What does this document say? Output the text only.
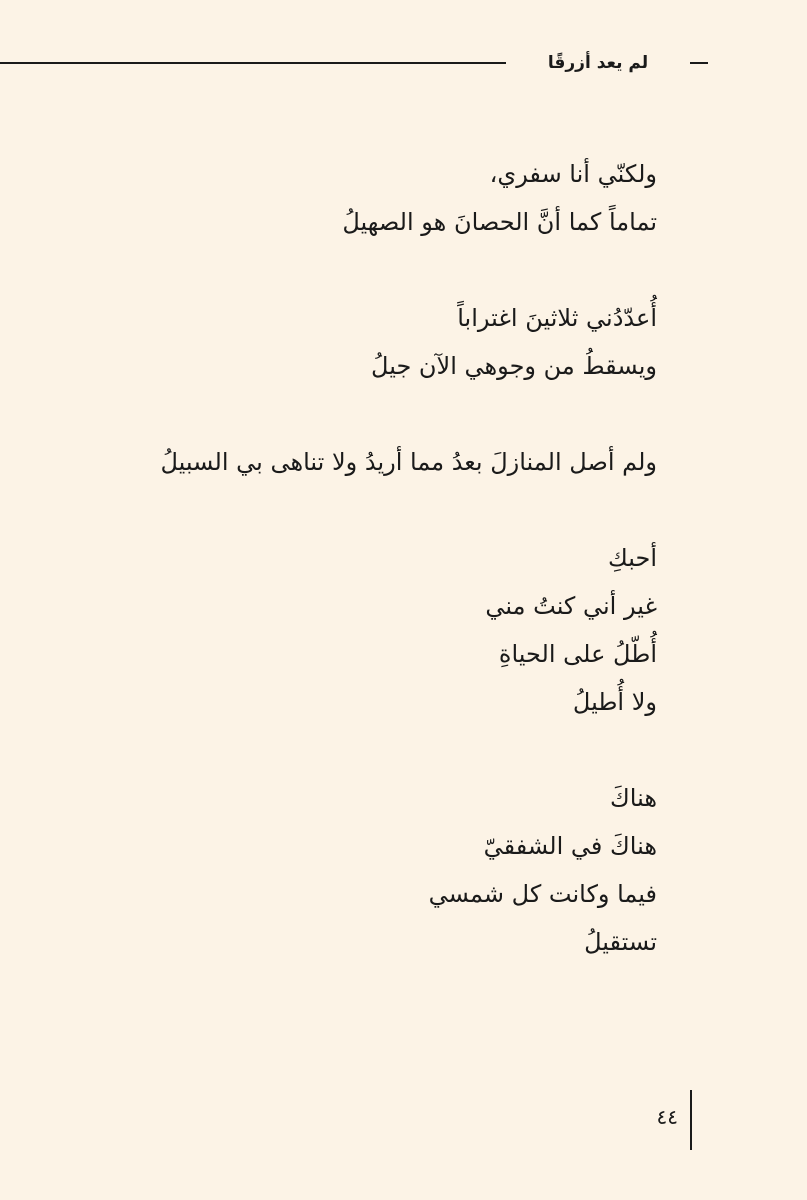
لم يعد أزرقًا
ولكنّي أنا سفري،
تماماً كما أنَّ الحصانَ هو الصهيلُ
أُعدّدُني ثلاثينَ اغتراباً
ويسقطُ من وجوهي الآن جيلُ
ولم أصل المنازلَ بعدُ مما أريدُ ولا تناهى بي السبيلُ
أحبكِ
غير أني كنتُ مني
أُطّلُ على الحياةِ
ولا أُطيلُ
هناكَ
هناكَ في الشفقيّ
فيما وكانت كل شمسي
تستقيلُ
٤٤
